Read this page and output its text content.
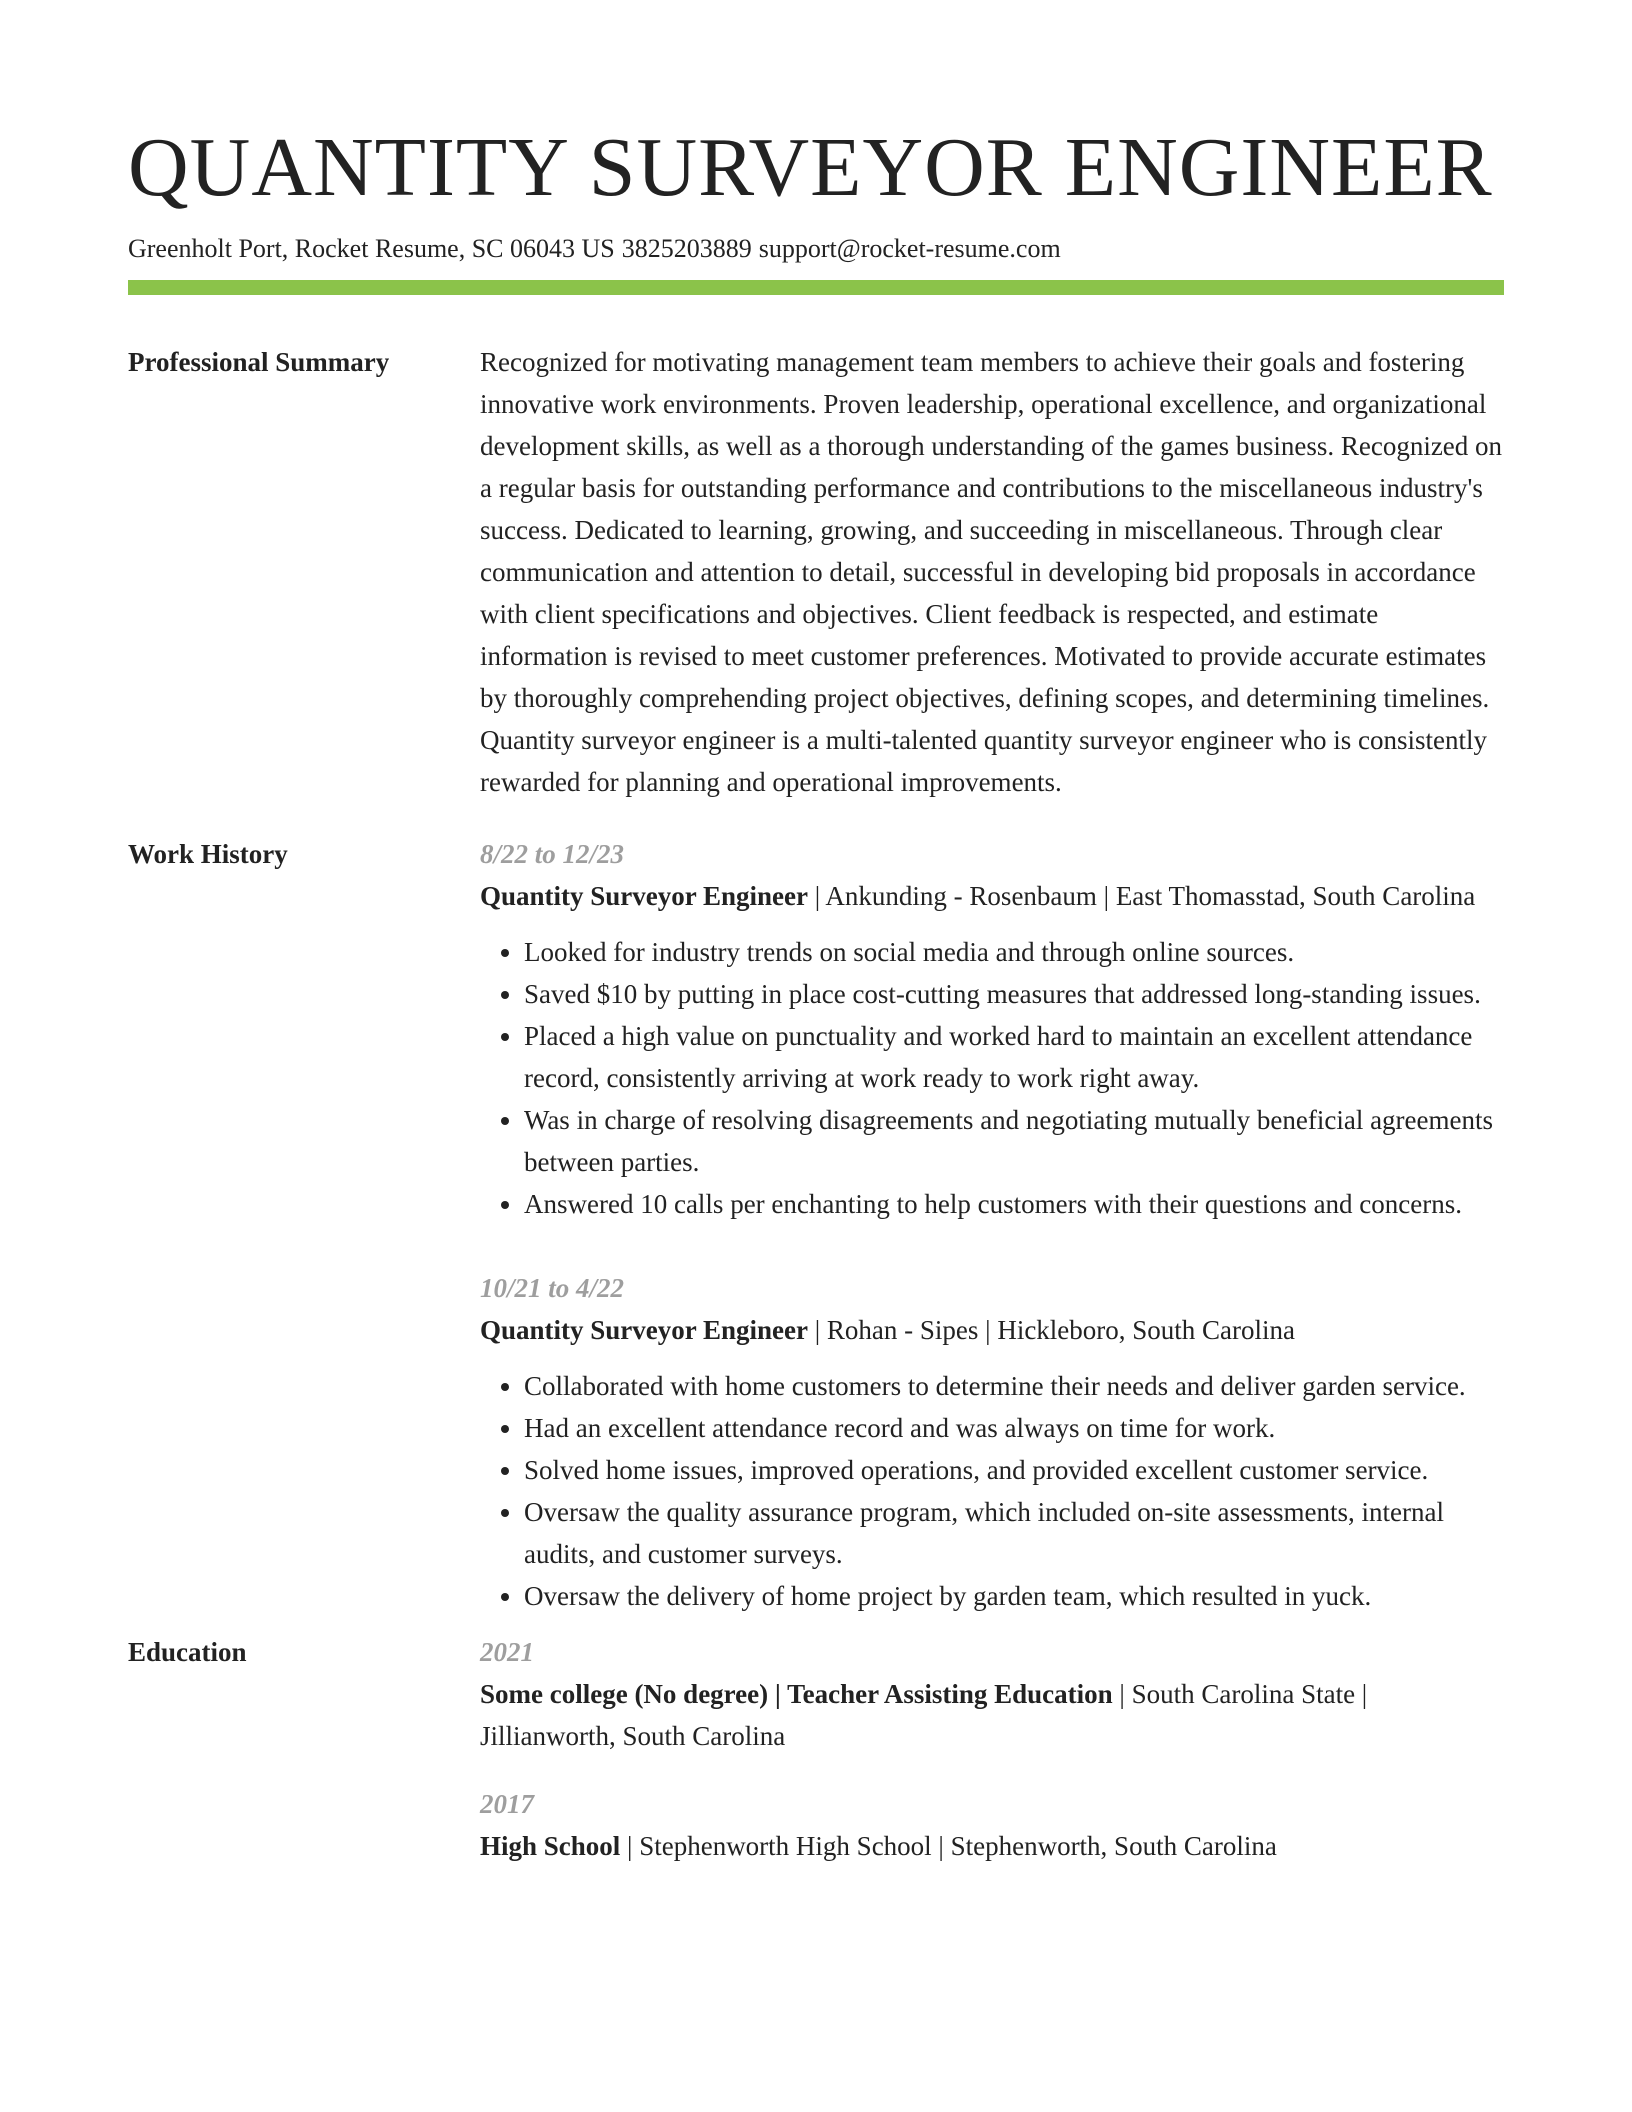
QUANTITY SURVEYOR ENGINEER
Greenholt Port, Rocket Resume, SC 06043 US 3825203889 support@rocket-resume.com
Professional Summary	Recognized for motivating management team members to achieve their goals and fostering innovative work environments. Proven leadership, operational excellence, and organizational development skills, as well as a thorough understanding of the games business. Recognized on a regular basis for outstanding performance and contributions to the miscellaneous industry's success. Dedicated to learning, growing, and succeeding in miscellaneous. Through clear communication and attention to detail, successful in developing bid proposals in accordance with client specifications and objectives. Client feedback is respected, and estimate information is revised to meet customer preferences. Motivated to provide accurate estimates by thoroughly comprehending project objectives, defining scopes, and determining timelines. Quantity surveyor engineer is a multi-talented quantity surveyor engineer who is consistently rewarded for planning and operational improvements.
Work History	8/22 to 12/23
Quantity Surveyor Engineer | Ankunding - Rosenbaum | East Thomasstad, South Carolina
• Looked for industry trends on social media and through online sources.
• Saved $10 by putting in place cost-cutting measures that addressed long-standing issues.
• Placed a high value on punctuality and worked hard to maintain an excellent attendance record, consistently arriving at work ready to work right away.
• Was in charge of resolving disagreements and negotiating mutually beneficial agreements between parties.
• Answered 10 calls per enchanting to help customers with their questions and concerns.
10/21 to 4/22
Quantity Surveyor Engineer | Rohan - Sipes | Hickleboro, South Carolina
• Collaborated with home customers to determine their needs and deliver garden service.
• Had an excellent attendance record and was always on time for work.
• Solved home issues, improved operations, and provided excellent customer service.
• Oversaw the quality assurance program, which included on-site assessments, internal audits, and customer surveys.
• Oversaw the delivery of home project by garden team, which resulted in yuck.
Education	2021
Some college (No degree) | Teacher Assisting Education | South Carolina State | Jillianworth, South Carolina
2017
High School | Stephenworth High School | Stephenworth, South Carolina
